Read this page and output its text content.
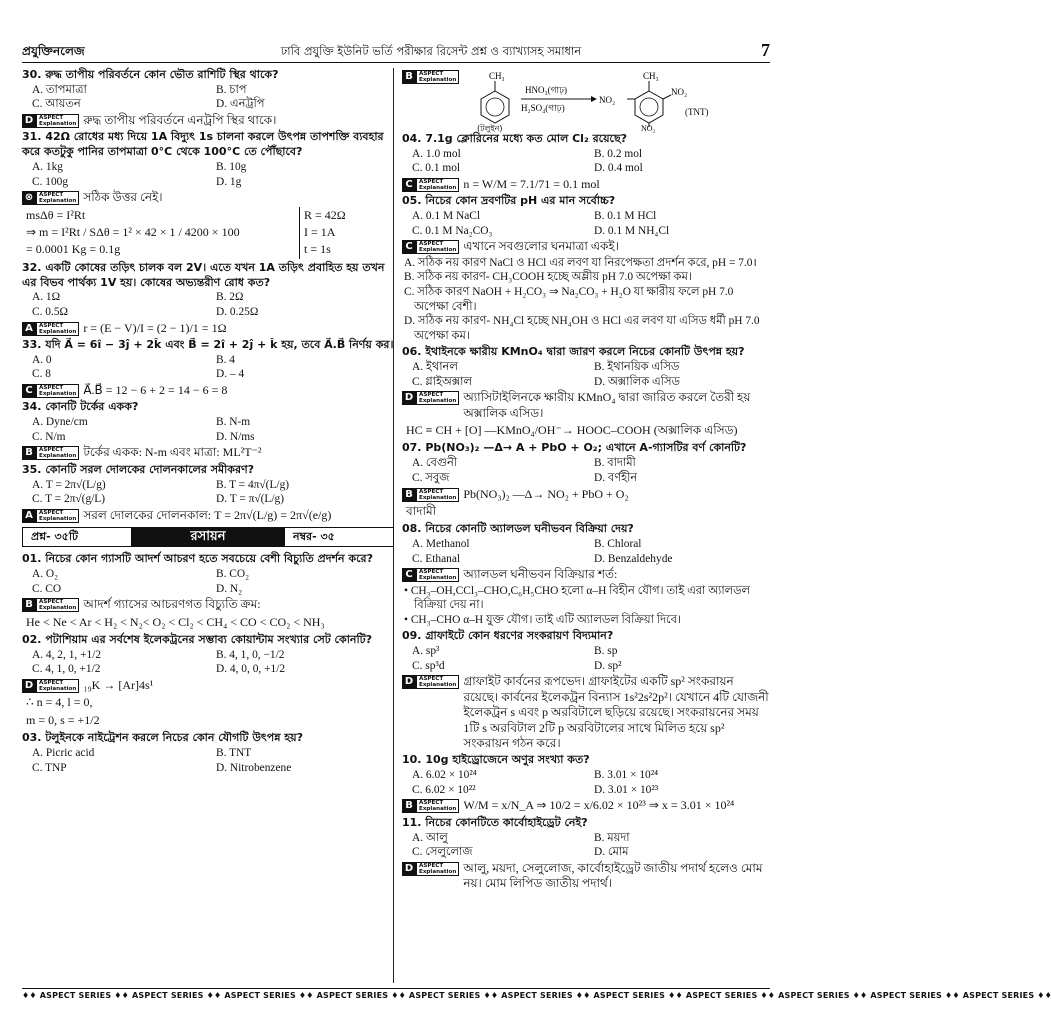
প্রযুক্তিনলেজ	ঢাবি প্রযুক্তি ইউনিট ভর্তি পরীক্ষার রিসেন্ট প্রশ্ন ও ব্যাখ্যাসহ সমাধান	7
30. রুদ্ধ তাপীয় পরিবর্তনে কোন ভৌত রাশিটি স্থির থাকে?
A. তাপমাত্রা	B. চাপ
C. আয়তন	D. এনট্রপি
D	ASPECT
Explanation রুদ্ধ তাপীয় পরিবর্তনে এনট্রপি স্থির থাকে।
31. 42Ω রোধের মধ্য দিয়ে 1A বিদ্যুৎ 1s চালনা করলে উৎপন্ন তাপশক্তি ব্যবহার করে কতটুকু পানির তাপমাত্রা 0°C থেকে 100°C তে পৌঁছাবে?
A. 1kg	B. 10g
C. 100g	D. 1g
⊗	ASPECT
Explanation সঠিক উত্তর নেই।
msΔθ = I²Rt
⇒ m = I²Rt / SΔθ = 1² × 42 × 1 / 4200 × 100
= 0.0001 Kg = 0.1g
R = 42Ω
I = 1A
t = 1s
32. একটি কোষের তড়িৎ চালক বল 2V। এতে যখন 1A তড়িৎ প্রবাহিত হয় তখন এর বিভব পার্থক্য 1V হয়। কোষের অভ্যন্তরীণ রোধ কত?
A. 1Ω	B. 2Ω
C. 0.5Ω	D. 0.25Ω
A	ASPECT
Explanation r = (E − V)/I = (2 − 1)/1 = 1Ω
33. যদি A⃗ = 6î − 3ĵ + 2k̂ এবং B⃗ = 2î + 2ĵ + k̂ হয়, তবে A⃗.B⃗ নির্ণয় কর।
A. 0	B. 4
C. 8	D. – 4
C	ASPECT
Explanation A⃗.B⃗ = 12 − 6 + 2 = 14 − 6 = 8
34. কোনটি টর্কের একক?
A. Dyne/cm	B. N-m
C. N/m	D. N/ms
B	ASPECT
Explanation টর্কের একক: N-m এবং মাত্রা: ML²T⁻²
35. কোনটি সরল দোলকের দোলনকালের সমীকরণ?
A. T = 2π√(L/g)	B. T = 4π√(L/g)
C. T = 2π√(g/L)	D. T = π√(L/g)
A	ASPECT
Explanation সরল দোলকের দোলনকাল: T = 2π√(L/g) = 2π√(e/g)
প্রশ্ন- ৩৫টি	রসায়ন	নম্বর- ৩৫
01. নিচের কোন গ্যাসটি আদর্শ আচরণ হতে সবচেয়ে বেশী বিচ্যুতি প্রদর্শন করে?
A. O₂	B. CO₂
C. CO	D. N₂
B	ASPECT
Explanation আদর্শ গ্যাসের আচরণগত বিচ্যুতি ক্রম:
He < Ne < Ar < H₂ < N₂< O₂ < Cl₂ < CH₄ < CO < CO₂ < NH₃
02. পটাশিয়াম এর সর্বশেষ ইলেকট্রনের সম্ভাব্য কোয়ান্টাম সংখ্যার সেট কোনটি?
A. 4, 2, 1, +1/2	B. 4, 1, 0, −1/2
C. 4, 1, 0, +1/2	D. 4, 0, 0, +1/2
D	ASPECT
Explanation ₁₉K → [Ar]4s¹
∴ n = 4, l = 0,
m = 0, s = +1/2
03. টলুইনকে নাইট্রেশন করলে নিচের কোন যৌগটি উৎপন্ন হয়?
A. Picric acid	B. TNT
C. TNP	D. Nitrobenzene
B	ASPECT
Explanation	CH₃
(টলুইন)
HNO₃(গাঢ়)
H₂SO₄(গাঢ়)
NO₂
CH₃
NO₂
NO₂
(TNT)
04. 7.1g ক্লোরিনের মধ্যে কত মোল Cl₂ রয়েছে?
A. 1.0 mol	B. 0.2 mol
C. 0.1 mol	D. 0.4 mol
C	ASPECT
Explanation n = W/M = 7.1/71 = 0.1 mol
05. নিচের কোন দ্রবণটির pH এর মান সর্বোচ্চ?
A. 0.1 M NaCl	B. 0.1 M HCl
C. 0.1 M Na₂CO₃	D. 0.1 M NH₄Cl
C	ASPECT
Explanation এখানে সবগুলোর ঘনমাত্রা একই।
A. সঠিক নয় কারণ NaCl ও HCl এর লবণ যা নিরপেক্ষতা প্রদর্শন করে, pH = 7.0।
B. সঠিক নয় কারণ- CH₃COOH হচ্ছে অম্লীয় pH 7.0 অপেক্ষা কম।
C. সঠিক কারণ NaOH + H₂CO₃ ⇒ Na₂CO₃ + H₂O যা ক্ষারীয় ফলে pH 7.0 অপেক্ষা বেশী।
D. সঠিক নয় কারণ- NH₄Cl হচ্ছে NH₄OH ও HCl এর লবণ যা এসিড ধর্মী pH 7.0 অপেক্ষা কম।
06. ইথাইনকে ক্ষারীয় KMnO₄ দ্বারা জারণ করলে নিচের কোনটি উৎপন্ন হয়?
A. ইথানল	B. ইথানয়িক এসিড
C. গ্লাইঅক্সাল	D. অক্সালিক এসিড
D	ASPECT
Explanation অ্যাসিটাইলিনকে ক্ষারীয় KMnO₄ দ্বারা জারিত করলে তৈরী হয় অক্সালিক এসিড।
HC ≡ CH + [O] —KMnO₄/OH⁻→ HOOC–COOH (অক্সালিক এসিড)
07. Pb(NO₃)₂ —Δ→ A + PbO + O₂; এখানে A-গ্যাসটির বর্ণ কোনটি?
A. বেগুনী	B. বাদামী
C. সবুজ	D. বর্ণহীন
B	ASPECT
Explanation Pb(NO₃)₂ —Δ→ NO₂ + PbO + O₂
বাদামী
08. নিচের কোনটি অ্যালডল ঘনীভবন বিক্রিয়া দেয়?
A. Methanol	B. Chloral
C. Ethanal	D. Benzaldehyde
C	ASPECT
Explanation অ্যালডল ঘনীভবন বিক্রিয়ার শর্ত:
• CH₃–OH,CCl₃–CHO,C₆H₅CHO হলো α–H বিহীন যৌগ। তাই এরা অ্যালডল বিক্রিয়া দেয় না।
• CH₃–CHO α–H যুক্ত যৌগ। তাই এটি অ্যালডল বিক্রিয়া দিবে।
09. গ্রাফাইটে কোন ধরণের সংকরায়ণ বিদ্যমান?
A. sp³	B. sp
C. sp³d	D. sp²
D	ASPECT
Explanation গ্রাফাইট কার্বনের রূপভেদ। গ্রাফাইটের একটি sp² সংকরায়ন রয়েছে। কার্বনের ইলেকট্রন বিন্যাস 1s²2s²2p²। যেখানে 4টি যোজনী ইলেকট্রন s এবং p অরবিটালে ছড়িয়ে রয়েছে। সংকরায়নের সময় 1টি s অরবিটাল 2টি p অরবিটালের সাথে মিলিত হয়ে sp² সংকরায়ন গঠন করে।
10. 10g হাইড্রোজেনে অণুর সংখ্যা কত?
A. 6.02 × 10²⁴	B. 3.01 × 10²⁴
C. 6.02 × 10²²	D. 3.01 × 10²³
B	ASPECT
Explanation W/M = x/N_A ⇒ 10/2 = x/6.02 × 10²³ ⇒ x = 3.01 × 10²⁴
11. নিচের কোনটিতে কার্বোহাইড্রেট নেই?
A. আলু	B. ময়দা
C. সেলুলোজ	D. মোম
D	ASPECT
Explanation আলু, ময়দা, সেলুলোজ, কার্বোহাইড্রেট জাতীয় পদার্থ হলেও মোম নয়। মোম লিপিড জাতীয় পদার্থ।
♦♦ ASPECT SERIES ♦♦ ASPECT SERIES ♦♦ ASPECT SERIES ♦♦ ASPECT SERIES ♦♦ ASPECT SERIES ♦♦ ASPECT SERIES ♦♦ ASPECT SERIES ♦♦ ASPECT SERIES ♦♦ ASPECT SERIES ♦♦ ASPECT SERIES ♦♦ ASPECT SERIES ♦♦
